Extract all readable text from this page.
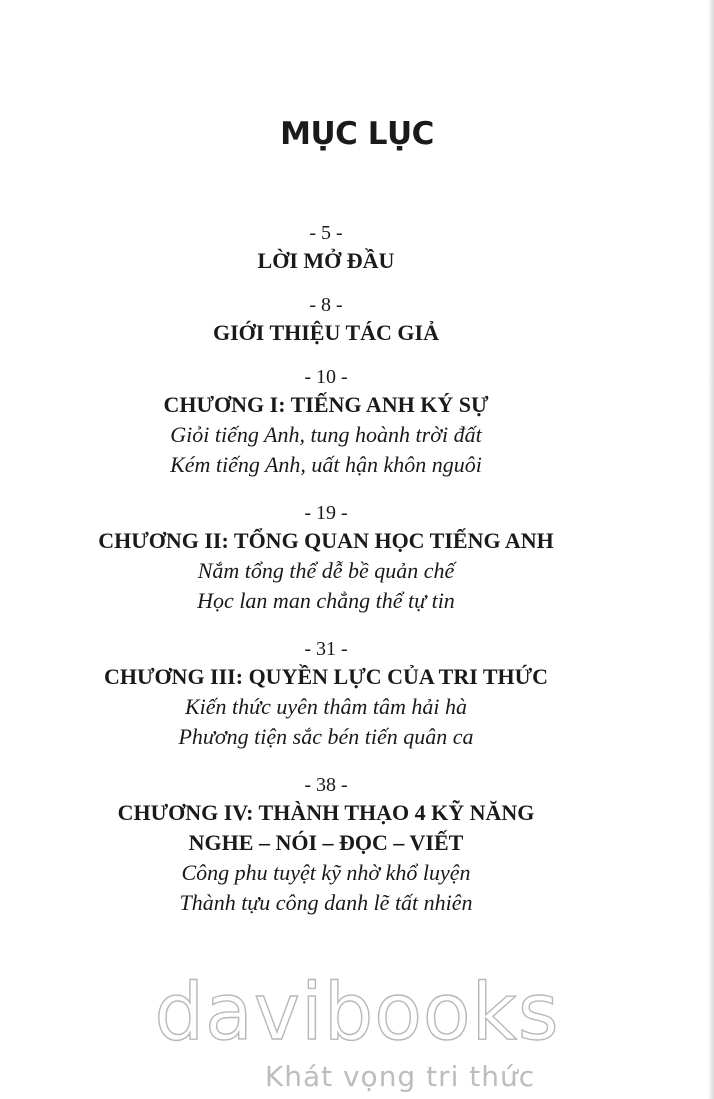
MỤC LỤC
- 5 -
LỜI MỞ ĐẦU
- 8 -
GIỚI THIỆU TÁC GIẢ
- 10 -
CHƯƠNG I: TIẾNG ANH KÝ SỰ
Giỏi tiếng Anh, tung hoành trời đất
Kém tiếng Anh, uất hận khôn nguôi
- 19 -
CHƯƠNG II: TỔNG QUAN HỌC TIẾNG ANH
Nắm tổng thể dễ bề quản chế
Học lan man chẳng thể tự tin
- 31 -
CHƯƠNG III: QUYỀN LỰC CỦA TRI THỨC
Kiến thức uyên thâm tâm hải hà
Phương tiện sắc bén tiến quân ca
- 38 -
CHƯƠNG IV: THÀNH THẠO 4 KỸ NĂNG
NGHE – NÓI – ĐỌC – VIẾT
Công phu tuyệt kỹ nhờ khổ luyện
Thành tựu công danh lẽ tất nhiên
davibooks
Khát vọng tri thức
